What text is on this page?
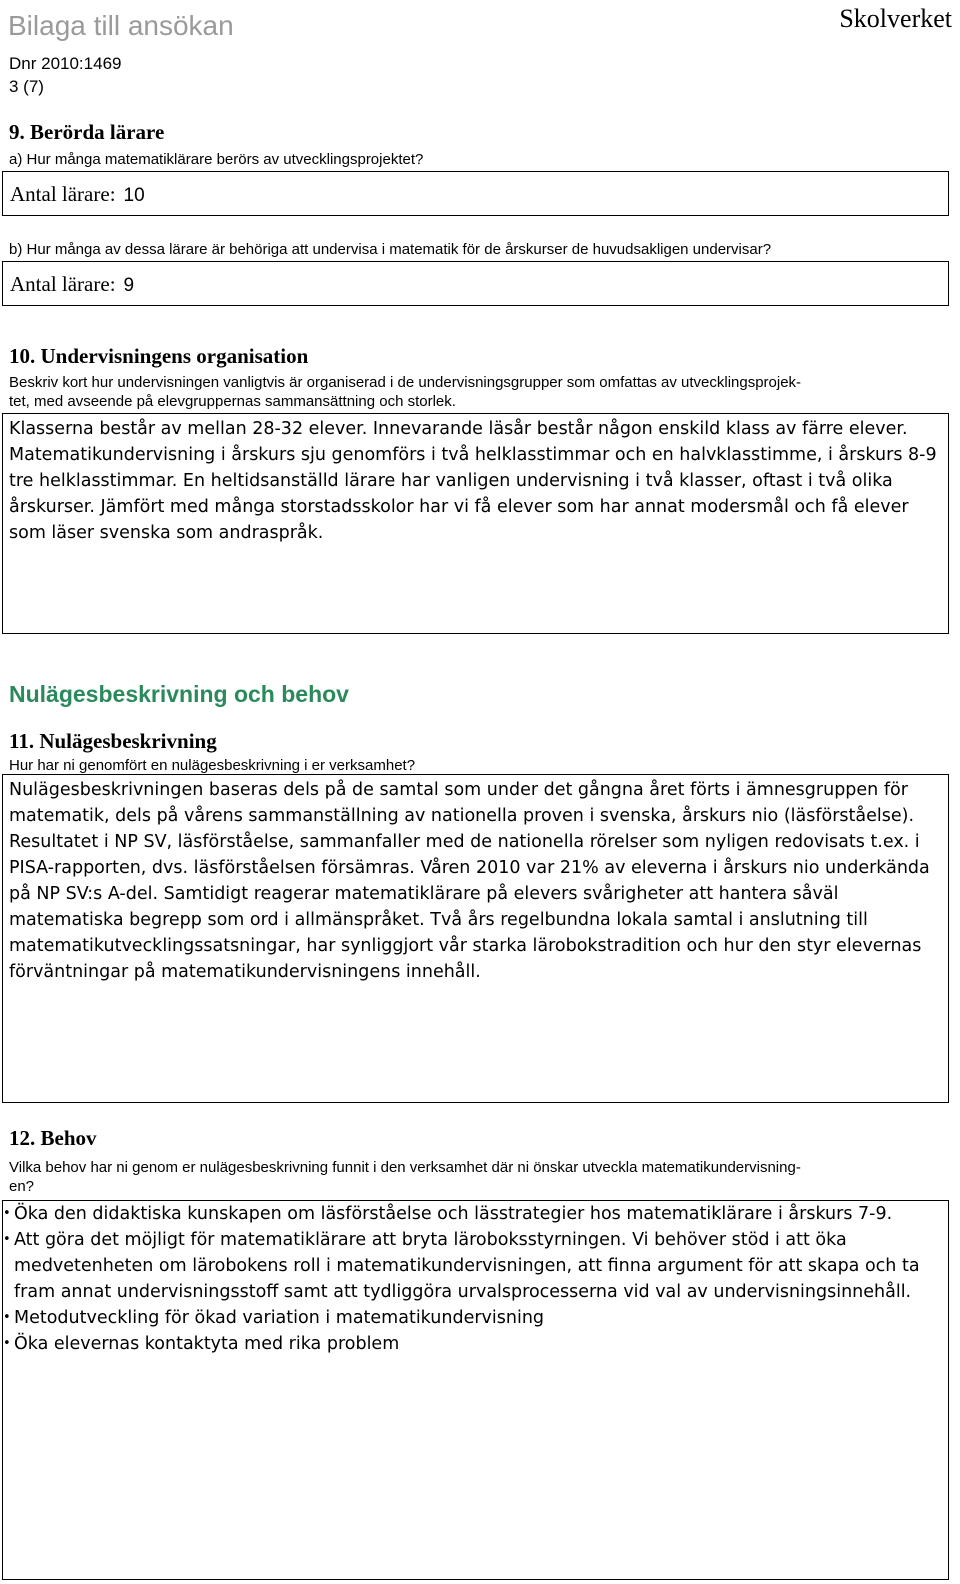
Bilaga till ansökan	Skolverket
Dnr 2010:1469
3 (7)
9. Berörda lärare
a) Hur många matematiklärare berörs av utvecklingsprojektet?
Antal lärare: 10
b) Hur många av dessa lärare är behöriga att undervisa i matematik för de årskurser de huvudsakligen undervisar?
Antal lärare: 9
10. Undervisningens organisation
Beskriv kort hur undervisningen vanligtvis är organiserad i de undervisningsgrupper som omfattas av utvecklingsprojek-
tet, med avseende på elevgruppernas sammansättning och storlek.
Klasserna består av mellan 28-32 elever. Innevarande läsår består någon enskild klass av färre elever. Matematikundervisning i årskurs sju genomförs i två helklasstimmar och en halvklasstimme, i årskurs 8-9 tre helklasstimmar. En heltidsanställd lärare har vanligen undervisning i två klasser, oftast i två olika årskurser. Jämfört med många storstadsskolor har vi få elever som har annat modersmål och få elever som läser svenska som andraspråk.
Nulägesbeskrivning och behov
11. Nulägesbeskrivning
Hur har ni genomfört en nulägesbeskrivning i er verksamhet?
Nulägesbeskrivningen baseras dels på de samtal som under det gångna året förts i ämnesgruppen för matematik, dels på vårens sammanställning av nationella proven i svenska, årskurs nio (läsförståelse). Resultatet i NP SV, läsförståelse, sammanfaller med de nationella rörelser som nyligen redovisats t.ex. i PISA-rapporten, dvs. läsförståelsen försämras. Våren 2010 var 21% av eleverna i årskurs nio underkända på NP SV:s A-del. Samtidigt reagerar matematiklärare på elevers svårigheter att hantera såväl matematiska begrepp som ord i allmänspråket. Två års regelbundna lokala samtal i anslutning till matematikutvecklingssatsningar, har synliggjort vår starka lärobokstradition och hur den styr elevernas förväntningar på matematikundervisningens innehåll.
12. Behov
Vilka behov har ni genom er nulägesbeskrivning funnit i den verksamhet där ni önskar utveckla matematikundervisning-
en?
• Öka den didaktiska kunskapen om läsförståelse och lässtrategier hos matematiklärare i årskurs 7-9.
• Att göra det möjligt för matematiklärare att bryta läroboksstyrningen. Vi behöver stöd i att öka medvetenheten om lärobokens roll i matematikundervisningen, att finna argument för att skapa och ta fram annat undervisningsstoff samt att tydliggöra urvalsprocesserna vid val av undervisningsinnehåll.
• Metodutveckling för ökad variation i matematikundervisning
• Öka elevernas kontaktyta med rika problem
